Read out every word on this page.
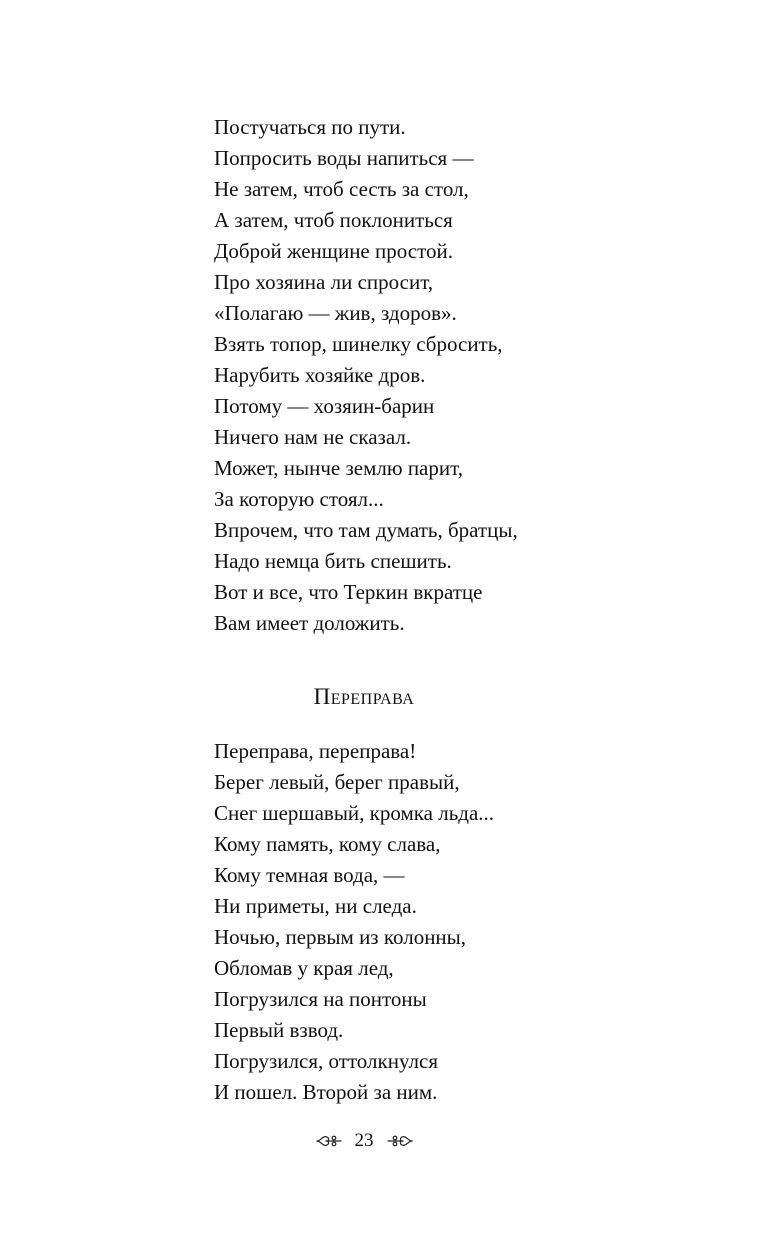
Постучаться по пути.
Попросить воды напиться —
Не затем, чтоб сесть за стол,
А затем, чтоб поклониться
Доброй женщине простой.
Про хозяина ли спросит,
«Полагаю — жив, здоров».
Взять топор, шинелку сбросить,
Нарубить хозяйке дров.
Потому — хозяин-барин
Ничего нам не сказал.
Может, нынче землю парит,
За которую стоял...
Впрочем, что там думать, братцы,
Надо немца бить спешить.
Вот и все, что Теркин вкратце
Вам имеет доложить.
Переправа
Переправа, переправа!
Берег левый, берег правый,
Снег шершавый, кромка льда...
Кому память, кому слава,
Кому темная вода, —
Ни приметы, ни следа.
Ночью, первым из колонны,
Обломав у края лед,
Погрузился на понтоны
Первый взвод.
Погрузился, оттолкнулся
И пошел. Второй за ним.
23
